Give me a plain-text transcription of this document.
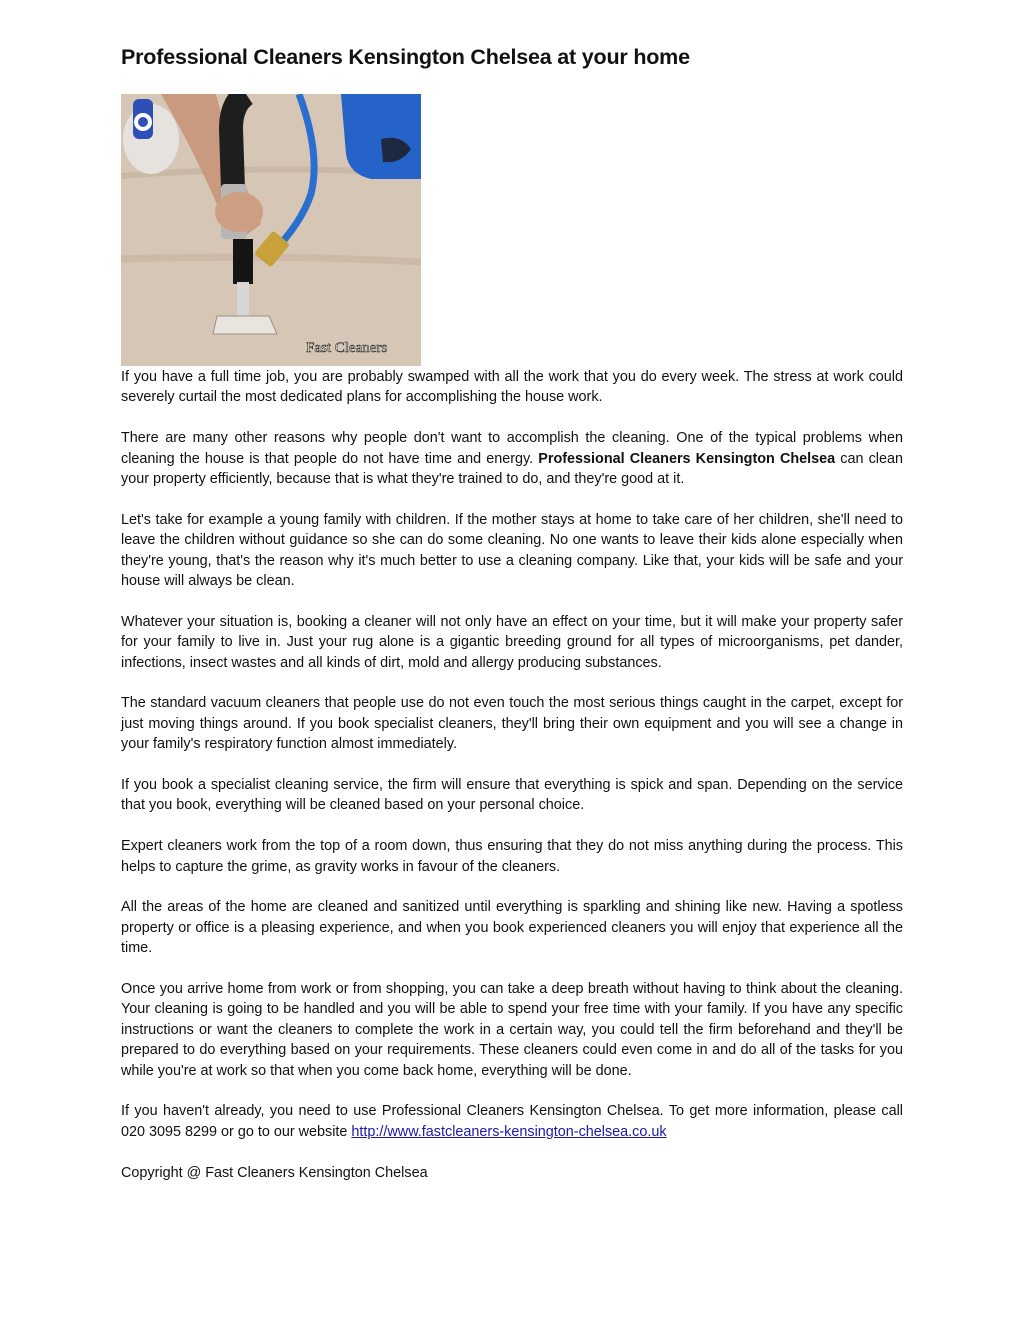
Professional Cleaners Kensington Chelsea at your home
Fast Cleaners

If you have a full time job, you are probably swamped with all the work that you do every week. The stress at work could severely curtail the most dedicated plans for accomplishing the house work.

There are many other reasons why people don't want to accomplish the cleaning. One of the typical problems when cleaning the house is that people do not have time and energy. Professional Cleaners Kensington Chelsea can clean your property efficiently, because that is what they're trained to do, and they're good at it.

Let's take for example a young family with children. If the mother stays at home to take care of her children, she'll need to leave the children without guidance so she can do some cleaning. No one wants to leave their kids alone especially when they're young, that's the reason why it's much better to use a cleaning company. Like that, your kids will be safe and your house will always be clean.

Whatever your situation is, booking a cleaner will not only have an effect on your time, but it will make your property safer for your family to live in. Just your rug alone is a gigantic breeding ground for all types of microorganisms, pet dander, infections, insect wastes and all kinds of dirt, mold and allergy producing substances.

The standard vacuum cleaners that people use do not even touch the most serious things caught in the carpet, except for just moving things around. If you book specialist cleaners, they'll bring their own equipment and you will see a change in your family's respiratory function almost immediately.

If you book a specialist cleaning service, the firm will ensure that everything is spick and span. Depending on the service that you book, everything will be cleaned based on your personal choice.

Expert cleaners work from the top of a room down, thus ensuring that they do not miss anything during the process. This helps to capture the grime, as gravity works in favour of the cleaners.

All the areas of the home are cleaned and sanitized until everything is sparkling and shining like new. Having a spotless property or office is a pleasing experience, and when you book experienced cleaners you will enjoy that experience all the time.

Once you arrive home from work or from shopping, you can take a deep breath without having to think about the cleaning. Your cleaning is going to be handled and you will be able to spend your free time with your family. If you have any specific instructions or want the cleaners to complete the work in a certain way, you could tell the firm beforehand and they'll be prepared to do everything based on your requirements. These cleaners could even come in and do all of the tasks for you while you're at work so that when you come back home, everything will be done.

If you haven't already, you need to use Professional Cleaners Kensington Chelsea. To get more information, please call 020 3095 8299 or go to our website http://www.fastcleaners-kensington-chelsea.co.uk

Copyright @ Fast Cleaners Kensington Chelsea
